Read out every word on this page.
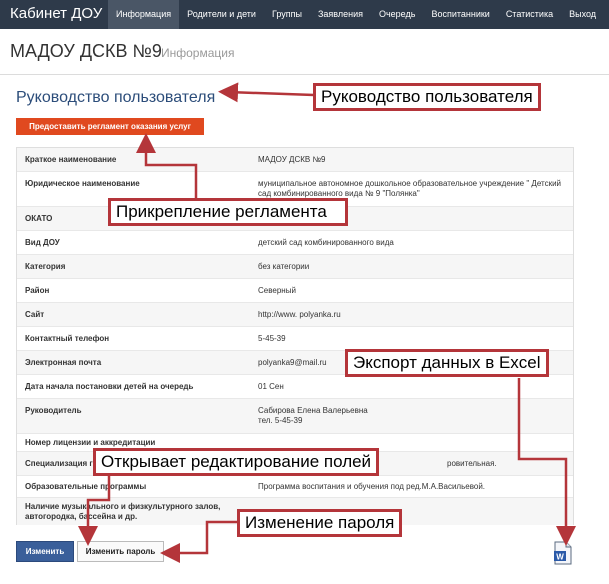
Кабинет ДОУ	Информация	Родители и дети	Группы	Заявления	Очередь	Воспитанники	Статистика	Выход
МАДОУ ДСКВ №9 Информация
Руководство пользователя
Предоставить регламент оказания услуг
Краткое наименование	МАДОУ ДСКВ №9
Юридическое наименование	муниципальное автономное дошкольное образовательное учреждение " Детский сад комбинированного вида № 9 "Полянка"
ОКАТО
Вид ДОУ	детский сад комбинированного вида
Категория	без категории
Район	Северный
Сайт	http://www. polyanka.ru
Контактный телефон	5-45-39
Электронная почта	polyanka9@mail.ru
Дата начала постановки детей на очередь	01 Сен
Руководитель	Сабирова Елена Валерьевна
тел. 5-45-39
Номер лицензии и аккредитации
Специализация г	ровительная.
Образовательные программы	Программа воспитания и обучения под ред.М.А.Васильевой.
Наличие музыкального и физкультурного залов, автогородка, бассейна и др.
Изменить	Изменить пароль
W
Руководство пользователя
Прикрепление регламента
Экспорт данных в Excel
Открывает редактирование полей
Изменение пароля
